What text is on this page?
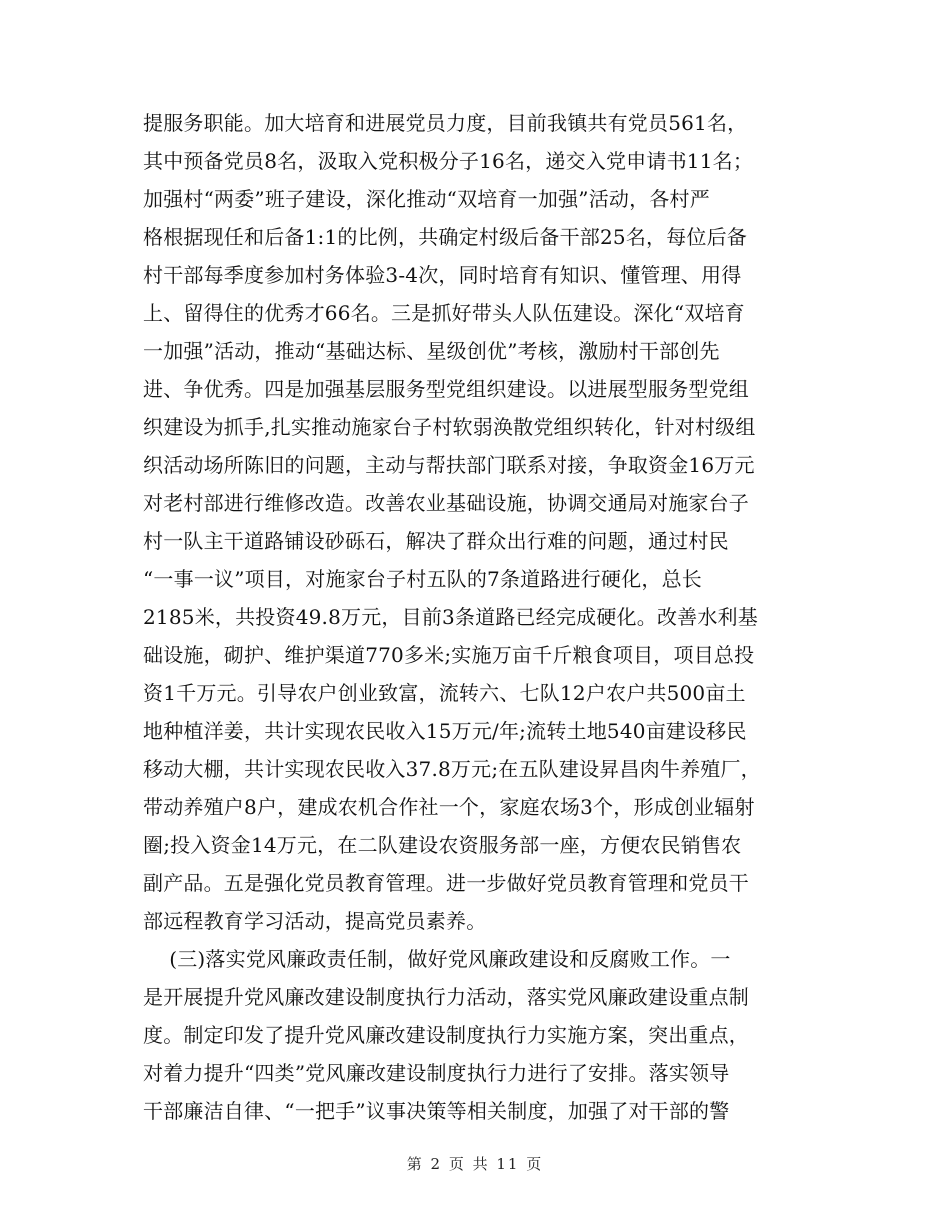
提服务职能。加大培育和进展党员力度，目前我镇共有党员561名，
其中预备党员8名，汲取入党积极分子16名，递交入党申请书11名；
加强村“两委”班子建设，深化推动“双培育一加强”活动，各村严
格根据现任和后备1:1的比例，共确定村级后备干部25名，每位后备
村干部每季度参加村务体验3-4次，同时培育有知识、懂管理、用得
上、留得住的优秀才66名。三是抓好带头人队伍建设。深化“双培育
一加强”活动，推动“基础达标、星级创优”考核，激励村干部创先
进、争优秀。四是加强基层服务型党组织建设。以进展型服务型党组
织建设为抓手,扎实推动施家台子村软弱涣散党组织转化，针对村级组
织活动场所陈旧的问题，主动与帮扶部门联系对接，争取资金16万元
对老村部进行维修改造。改善农业基础设施，协调交通局对施家台子
村一队主干道路铺设砂砾石，解决了群众出行难的问题，通过村民
“一事一议”项目，对施家台子村五队的7条道路进行硬化，总长
2185米，共投资49.8万元，目前3条道路已经完成硬化。改善水利基
础设施，砌护、维护渠道770多米;实施万亩千斤粮食项目，项目总投
资1千万元。引导农户创业致富，流转六、七队12户农户共500亩土
地种植洋姜，共计实现农民收入15万元/年;流转土地540亩建设移民
移动大棚，共计实现农民收入37.8万元;在五队建设昇昌肉牛养殖厂，
带动养殖户8户，建成农机合作社一个，家庭农场3个，形成创业辐射
圈;投入资金14万元，在二队建设农资服务部一座，方便农民销售农
副产品。五是强化党员教育管理。进一步做好党员教育管理和党员干
部远程教育学习活动，提高党员素养。
(三)落实党风廉政责任制，做好党风廉政建设和反腐败工作。一
是开展提升党风廉改建设制度执行力活动，落实党风廉政建设重点制
度。制定印发了提升党风廉改建设制度执行力实施方案，突出重点，
对着力提升“四类”党风廉改建设制度执行力进行了安排。落实领导
干部廉洁自律、“一把手”议事决策等相关制度，加强了对干部的警
第 2 页 共 11 页
